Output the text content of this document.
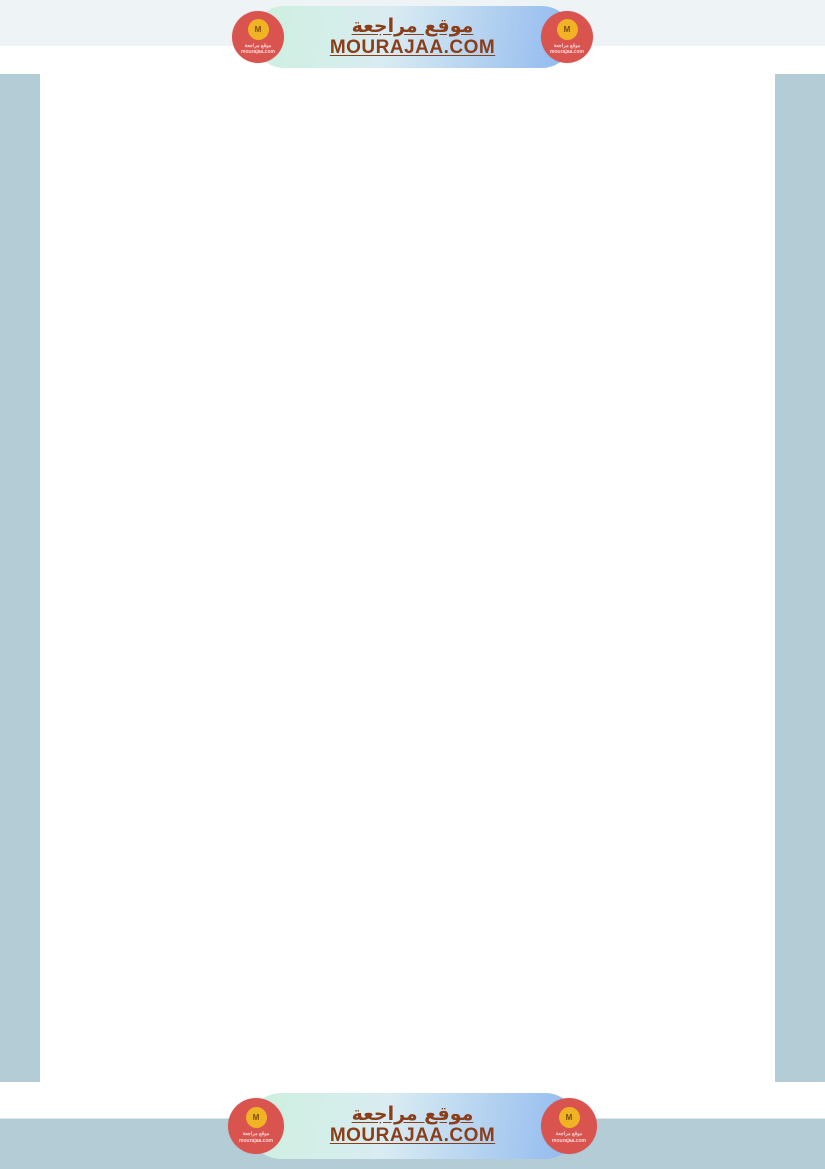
M
موقع مراجعة
mourajaa.com
موقع مراجعة
MOURAJAA.COM
M
موقع مراجعة
mourajaa.com

M
موقع مراجعة
mourajaa.com
موقع مراجعة
MOURAJAA.COM
M
موقع مراجعة
mourajaa.com
